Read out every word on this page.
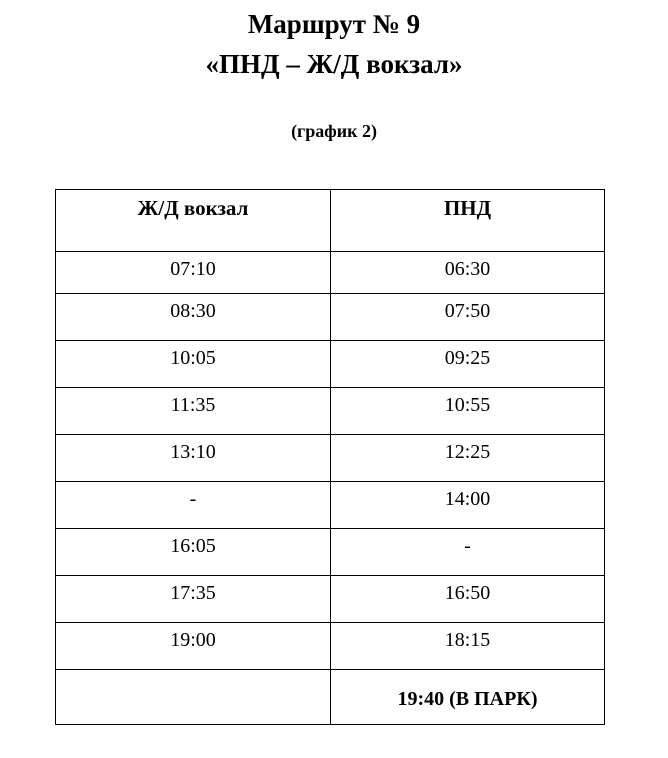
Маршрут № 9
«ПНД – Ж/Д вокзал»
(график 2)
Ж/Д вокзал	ПНД
07:10	06:30
08:30	07:50
10:05	09:25
11:35	10:55
13:10	12:25
-	14:00
16:05	-
17:35	16:50
19:00	18:15
	19:40 (В ПАРК)
